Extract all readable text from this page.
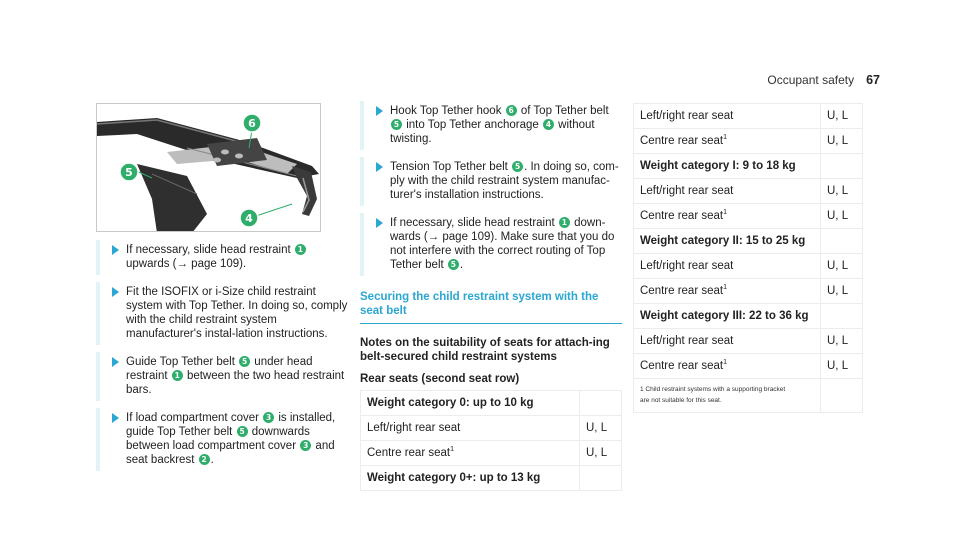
Occupant safety 67
6
5
4
If necessary, slide head restraint 1 upwards (→ page 109).
Fit the ISOFIX or i-Size child restraint system with Top Tether. In doing so, comply with the child restraint system manufacturer's instal-lation instructions.
Guide Top Tether belt 5 under head restraint 1 between the two head restraint bars.
If load compartment cover 3 is installed, guide Top Tether belt 5 downwards between load compartment cover 3 and seat backrest 2 .
Hook Top Tether hook 6 of Top Tether belt 5 into Top Tether anchorage 4 without twisting.
Tension Top Tether belt 5 . In doing so, com-ply with the child restraint system manufac-turer's installation instructions.
If necessary, slide head restraint 1 down-wards (→ page 109). Make sure that you do not interfere with the correct routing of Top Tether belt 5 .
Securing the child restraint system with the seat belt
Notes on the suitability of seats for attach-ing belt-secured child restraint systems
Rear seats (second seat row)
Weight category 0: up to 10 kg	
Left/right rear seat	U, L
Centre rear seat$^1$	U, L
Weight category 0+: up to 13 kg	
Left/right rear seat	U, L
Centre rear seat$^1$	U, L
Weight category I: 9 to 18 kg	
Left/right rear seat	U, L
Centre rear seat$^1$	U, L
Weight category II: 15 to 25 kg	
Left/right rear seat	U, L
Centre rear seat$^1$	U, L
Weight category III: 22 to 36 kg	
Left/right rear seat	U, L
Centre rear seat$^1$	U, L

1 Child restraint systems with a supporting bracket
are not suitable for this seat.	
